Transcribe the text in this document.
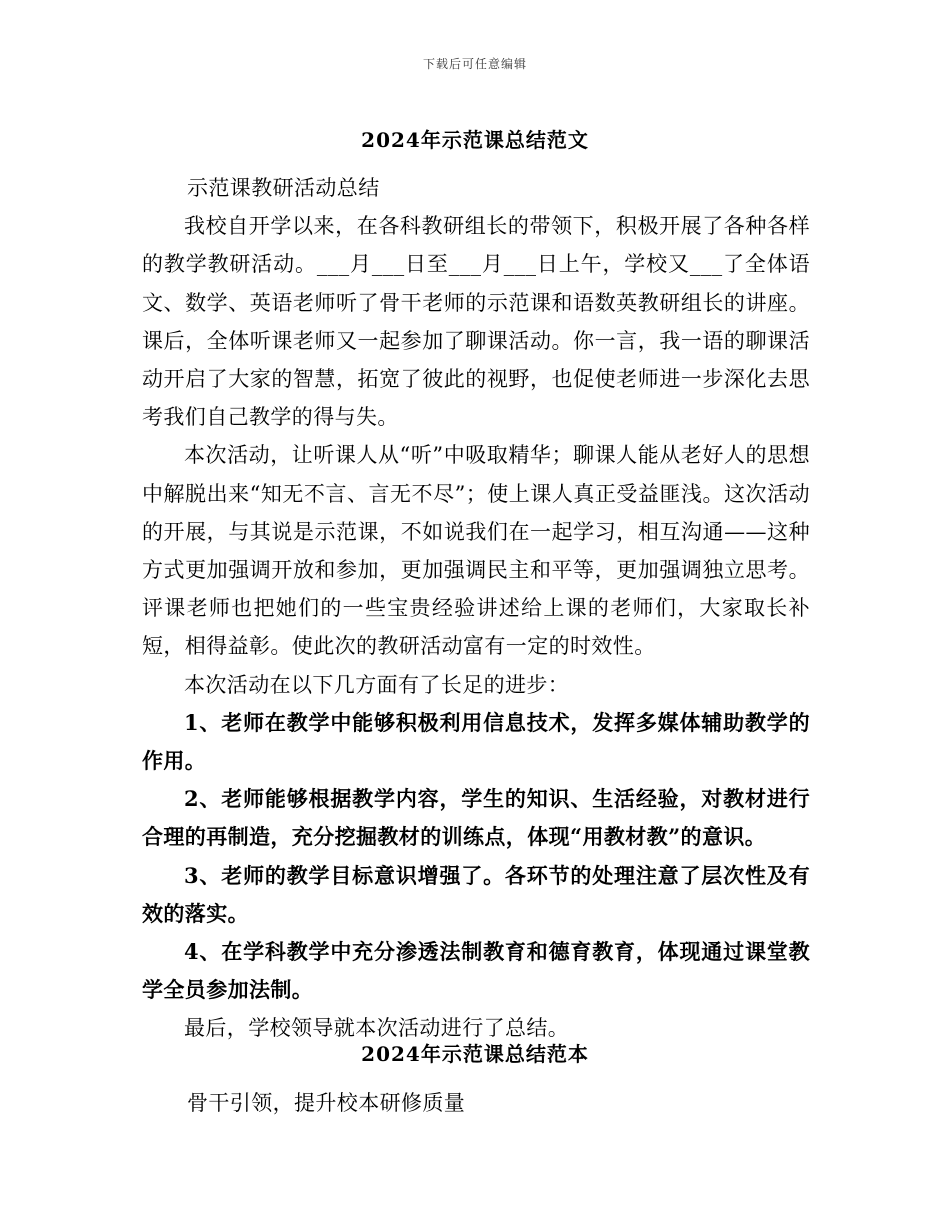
下载后可任意编辑
2024年示范课总结范文

示范课教研活动总结

我校自开学以来，在各科教研组长的带领下，积极开展了各种各样的教学教研活动。___月___日至___月___日上午，学校又___了全体语文、数学、英语老师听了骨干老师的示范课和语数英教研组长的讲座。课后，全体听课老师又一起参加了聊课活动。你一言，我一语的聊课活动开启了大家的智慧，拓宽了彼此的视野，也促使老师进一步深化去思考我们自己教学的得与失。

本次活动，让听课人从“听”中吸取精华；聊课人能从老好人的思想中解脱出来“知无不言、言无不尽”；使上课人真正受益匪浅。这次活动的开展，与其说是示范课，不如说我们在一起学习，相互沟通——这种方式更加强调开放和参加，更加强调民主和平等，更加强调独立思考。评课老师也把她们的一些宝贵经验讲述给上课的老师们，大家取长补短，相得益彰。使此次的教研活动富有一定的时效性。

本次活动在以下几方面有了长足的进步：

1、老师在教学中能够积极利用信息技术，发挥多媒体辅助教学的作用。

2、老师能够根据教学内容，学生的知识、生活经验，对教材进行合理的再制造，充分挖掘教材的训练点，体现“用教材教”的意识。

3、老师的教学目标意识增强了。各环节的处理注意了层次性及有效的落实。

4、在学科教学中充分渗透法制教育和德育教育，体现通过课堂教学全员参加法制。

最后，学校领导就本次活动进行了总结。

2024年示范课总结范本

骨干引领，提升校本研修质量
